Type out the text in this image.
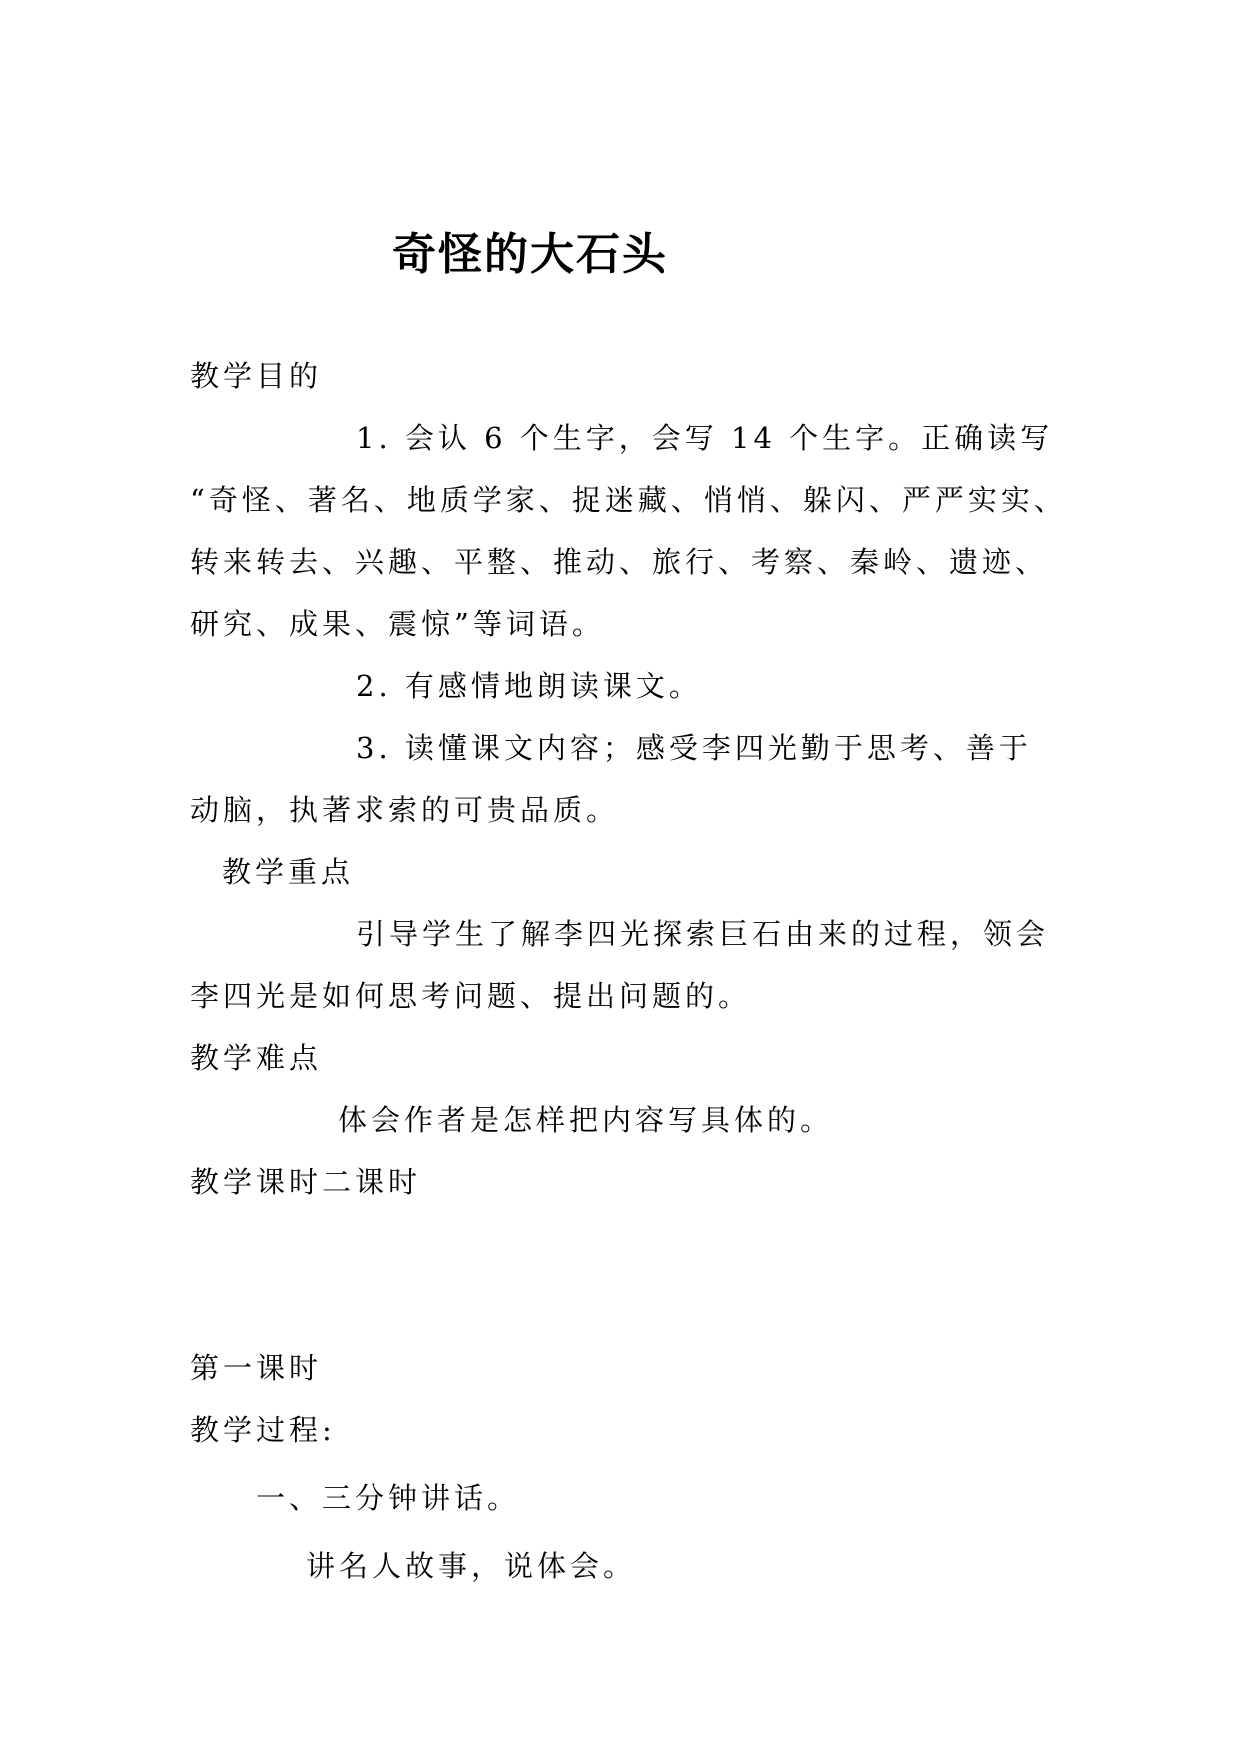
奇怪的大石头
教学目的
1. 会认 6 个生字，会写 14 个生字。正确读写
“奇怪、著名、地质学家、捉迷藏、悄悄、躲闪、严严实实、
转来转去、兴趣、平整、推动、旅行、考察、秦岭、遗迹、
研究、成果、震惊”等词语。
2. 有感情地朗读课文。
3. 读懂课文内容；感受李四光勤于思考、善于
动脑，执著求索的可贵品质。
教学重点
引导学生了解李四光探索巨石由来的过程，领会
李四光是如何思考问题、提出问题的。
教学难点
体会作者是怎样把内容写具体的。
教学课时二课时
第一课时
教学过程:
一、三分钟讲话。
讲名人故事，说体会。
